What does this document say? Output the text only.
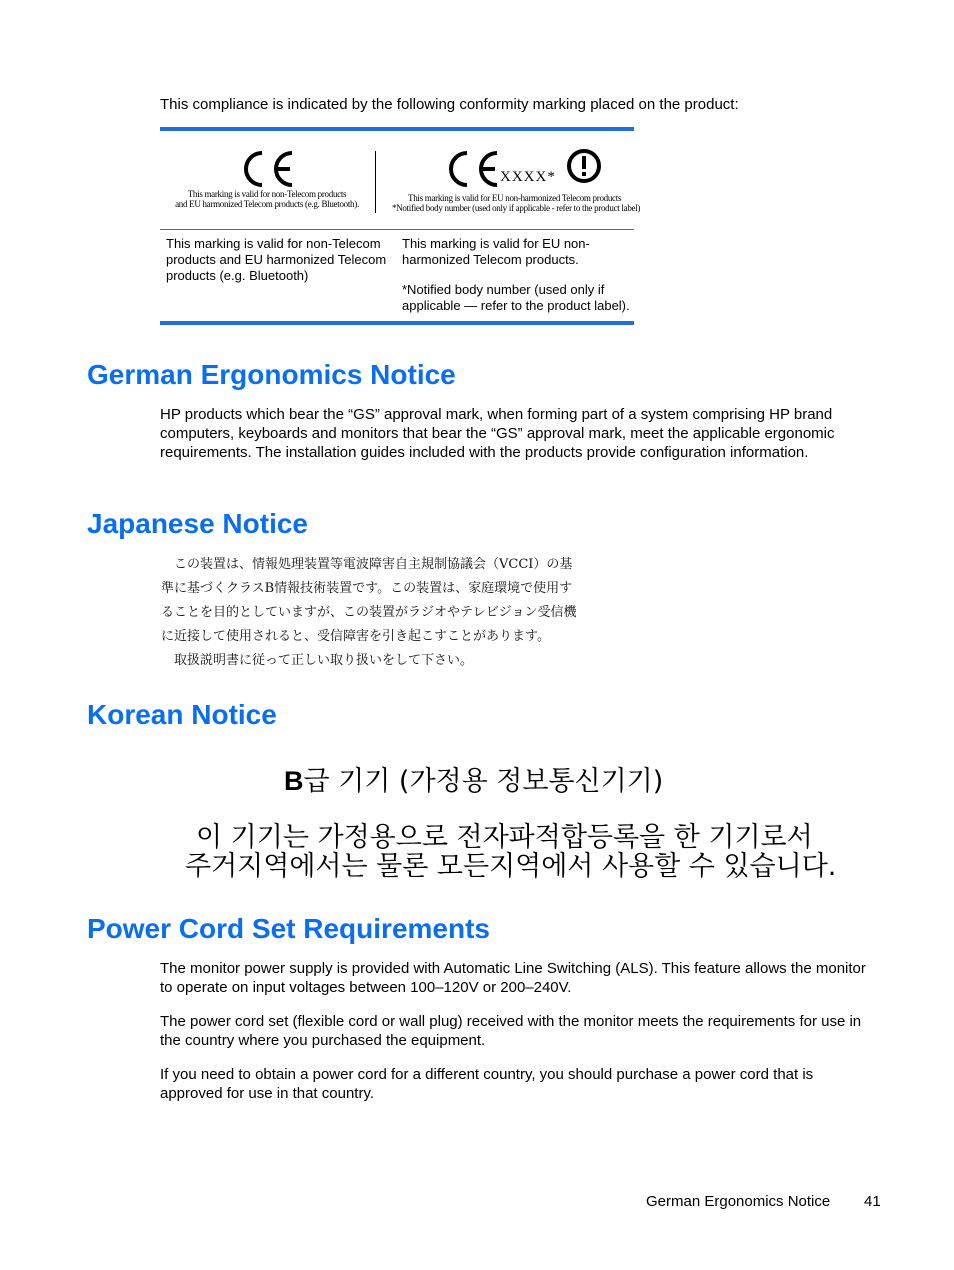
This compliance is indicated by the following conformity marking placed on the product:
This marking is valid for non-Telecom products
and EU harmonized Telecom products (e.g. Bluetooth).
XXXX*
This marking is valid for EU non-harmonized Telecom products
*Notified body number (used only if applicable - refer to the product label)
This marking is valid for non-Telecom products and EU harmonized Telecom products (e.g. Bluetooth)
This marking is valid for EU non-harmonized Telecom products.
*Notified body number (used only if applicable — refer to the product label).
German Ergonomics Notice
HP products which bear the “GS” approval mark, when forming part of a system comprising HP brand computers, keyboards and monitors that bear the “GS” approval mark, meet the applicable ergonomic requirements. The installation guides included with the products provide configuration information.
Japanese Notice
　この装置は、情報処理装置等電波障害自主規制協議会（VCCI）の基
準に基づくクラスB情報技術装置です。この装置は、家庭環境で使用す
ることを目的としていますが、この装置がラジオやテレビジョン受信機
に近接して使用されると、受信障害を引き起こすことがあります。
　取扱説明書に従って正しい取り扱いをして下さい。
Korean Notice
B급 기기 (가정용 정보통신기기)
이 기기는 가정용으로 전자파적합등록을 한 기기로서
주거지역에서는 물론 모든지역에서 사용할 수 있습니다.
Power Cord Set Requirements
The monitor power supply is provided with Automatic Line Switching (ALS). This feature allows the monitor to operate on input voltages between 100–120V or 200–240V.
The power cord set (flexible cord or wall plug) received with the monitor meets the requirements for use in the country where you purchased the equipment.
If you need to obtain a power cord for a different country, you should purchase a power cord that is approved for use in that country.
German Ergonomics Notice 41
